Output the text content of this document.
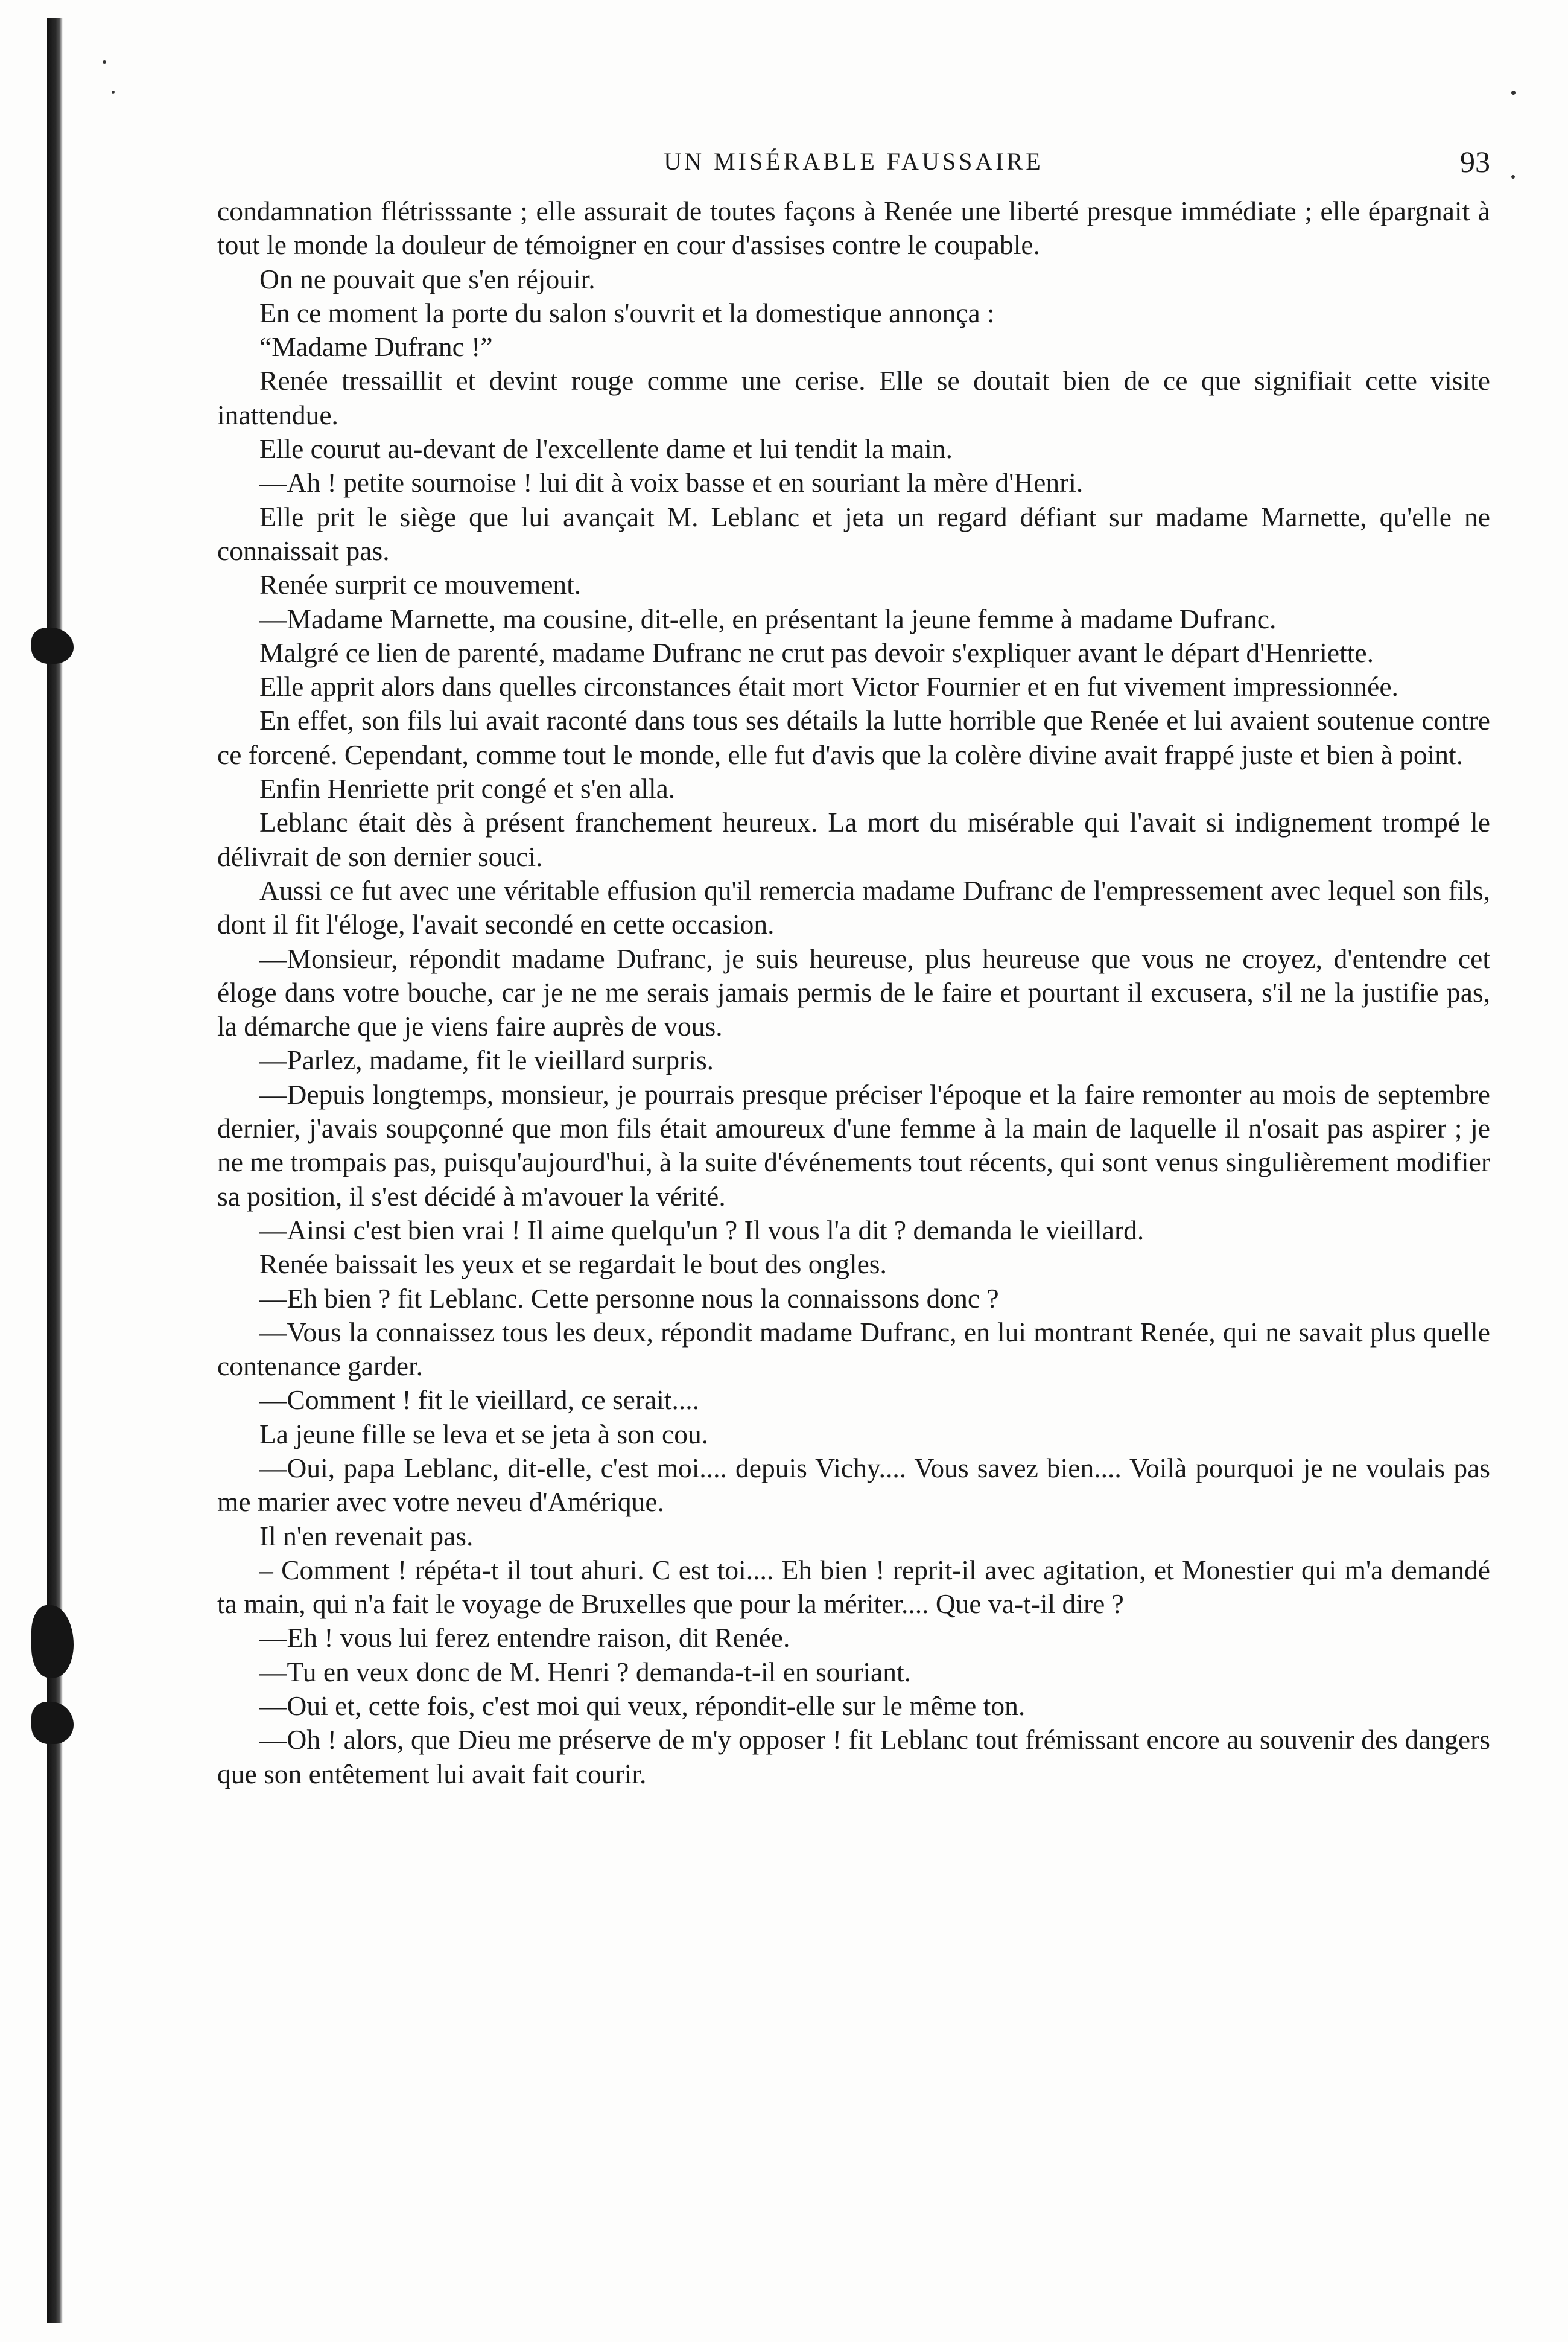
UN MISÉRABLE FAUSSAIRE	93

condamnation flétrisssante ; elle assurait de toutes façons à Renée une liberté presque immédiate ; elle épargnait à tout le monde la douleur de témoigner en cour d'assises contre le coupable.

On ne pouvait que s'en réjouir.

En ce moment la porte du salon s'ouvrit et la domestique annonça :

“Madame Dufranc !”

Renée tressaillit et devint rouge comme une cerise. Elle se doutait bien de ce que signifiait cette visite inattendue.

Elle courut au-devant de l'excellente dame et lui tendit la main.

—Ah ! petite sournoise ! lui dit à voix basse et en souriant la mère d'Henri.

Elle prit le siège que lui avançait M. Leblanc et jeta un regard défiant sur madame Marnette, qu'elle ne connaissait pas.

Renée surprit ce mouvement.

—Madame Marnette, ma cousine, dit-elle, en présentant la jeune femme à madame Dufranc.

Malgré ce lien de parenté, madame Dufranc ne crut pas devoir s'expliquer avant le départ d'Henriette.

Elle apprit alors dans quelles circonstances était mort Victor Fournier et en fut vivement impressionnée.

En effet, son fils lui avait raconté dans tous ses détails la lutte horrible que Renée et lui avaient soutenue contre ce forcené. Cependant, comme tout le monde, elle fut d'avis que la colère divine avait frappé juste et bien à point.

Enfin Henriette prit congé et s'en alla.

Leblanc était dès à présent franchement heureux. La mort du misérable qui l'avait si indignement trompé le délivrait de son dernier souci.

Aussi ce fut avec une véritable effusion qu'il remercia madame Dufranc de l'empressement avec lequel son fils, dont il fit l'éloge, l'avait secondé en cette occasion.

—Monsieur, répondit madame Dufranc, je suis heureuse, plus heureuse que vous ne croyez, d'entendre cet éloge dans votre bouche, car je ne me serais jamais permis de le faire et pourtant il excusera, s'il ne la justifie pas, la démarche que je viens faire auprès de vous.

—Parlez, madame, fit le vieillard surpris.

—Depuis longtemps, monsieur, je pourrais presque préciser l'époque et la faire remonter au mois de septembre dernier, j'avais soupçonné que mon fils était amoureux d'une femme à la main de laquelle il n'osait pas aspirer ; je ne me trompais pas, puisqu'aujourd'hui, à la suite d'événements tout récents, qui sont venus singulièrement modifier sa position, il s'est décidé à m'avouer la vérité.

—Ainsi c'est bien vrai ! Il aime quelqu'un ? Il vous l'a dit ? demanda le vieillard.

Renée baissait les yeux et se regardait le bout des ongles.

—Eh bien ? fit Leblanc. Cette personne nous la connaissons donc ?

—Vous la connaissez tous les deux, répondit madame Dufranc, en lui montrant Renée, qui ne savait plus quelle contenance garder.

—Comment ! fit le vieillard, ce serait....

La jeune fille se leva et se jeta à son cou.

—Oui, papa Leblanc, dit-elle, c'est moi.... depuis Vichy.... Vous savez bien.... Voilà pourquoi je ne voulais pas me marier avec votre neveu d'Amérique.

Il n'en revenait pas.

– Comment ! répéta-t il tout ahuri. C est toi.... Eh bien ! reprit-il avec agitation, et Monestier qui m'a demandé ta main, qui n'a fait le voyage de Bruxelles que pour la mériter.... Que va-t-il dire ?

—Eh ! vous lui ferez entendre raison, dit Renée.

—Tu en veux donc de M. Henri ? demanda-t-il en souriant.

—Oui et, cette fois, c'est moi qui veux, répondit-elle sur le même ton.

—Oh ! alors, que Dieu me préserve de m'y opposer ! fit Leblanc tout frémissant encore au souvenir des dangers que son entêtement lui avait fait courir.
